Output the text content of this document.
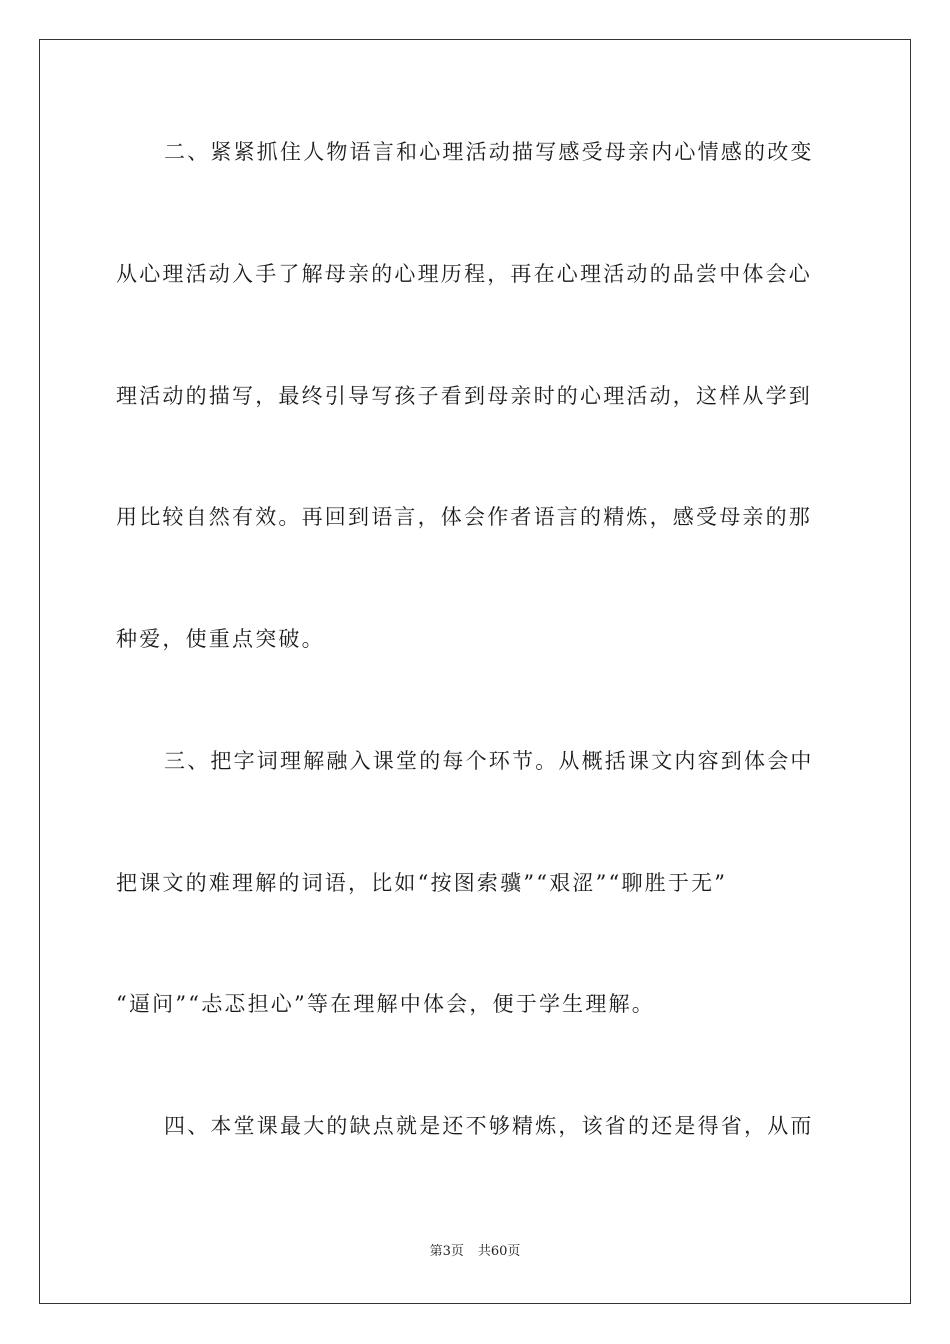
二、紧紧抓住人物语言和心理活动描写感受母亲内心情感的改变
从心理活动入手了解母亲的心理历程，再在心理活动的品尝中体会心
理活动的描写，最终引导写孩子看到母亲时的心理活动，这样从学到
用比较自然有效。再回到语言，体会作者语言的精炼，感受母亲的那
种爱，使重点突破。
三、把字词理解融入课堂的每个环节。从概括课文内容到体会中
把课文的难理解的词语，比如“按图索骥”“艰涩”“聊胜于无”
“逼问”“忐忑担心”等在理解中体会，便于学生理解。
四、本堂课最大的缺点就是还不够精炼，该省的还是得省，从而
第3页 共60页
